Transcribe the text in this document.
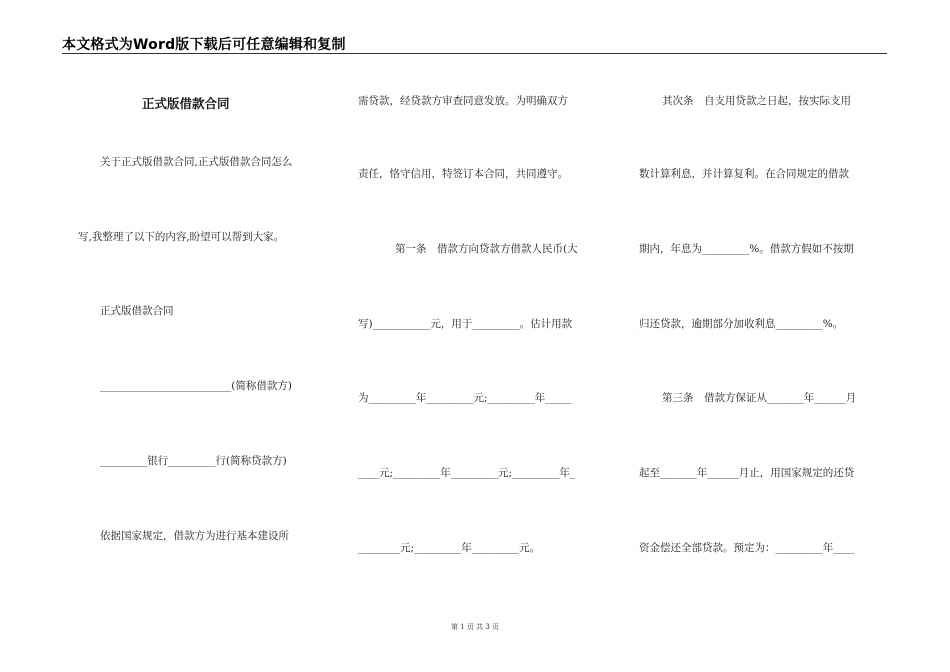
本文格式为Word版下载后可任意编辑和复制
正式版借款合同
关于正式版借款合同,正式版借款合同怎么
写,我整理了以下的内容,盼望可以帮到大家。
正式版借款合同
_________________________(简称借款方)
_________银行_________行(简称贷款方)
依据国家规定，借款方为进行基本建设所
需贷款，经贷款方审查同意发放。为明确双方
责任，恪守信用，特签订本合同，共同遵守。
第一条　借款方向贷款方借款人民币(大
写)___________元，用于_________。估计用款
为_________年_________元;_________年_____
____元;_________年_________元;_________年_
________元;_________年_________元。
其次条　自支用贷款之日起，按实际支用
数计算利息，并计算复利。在合同规定的借款
期内，年息为_________%。借款方假如不按期
归还贷款，逾期部分加收利息_________%。
第三条　借款方保证从_______年______月
起至_______年______月止，用国家规定的还贷
资金偿还全部贷款。预定为：_________年____
第 1 页 共 3 页
